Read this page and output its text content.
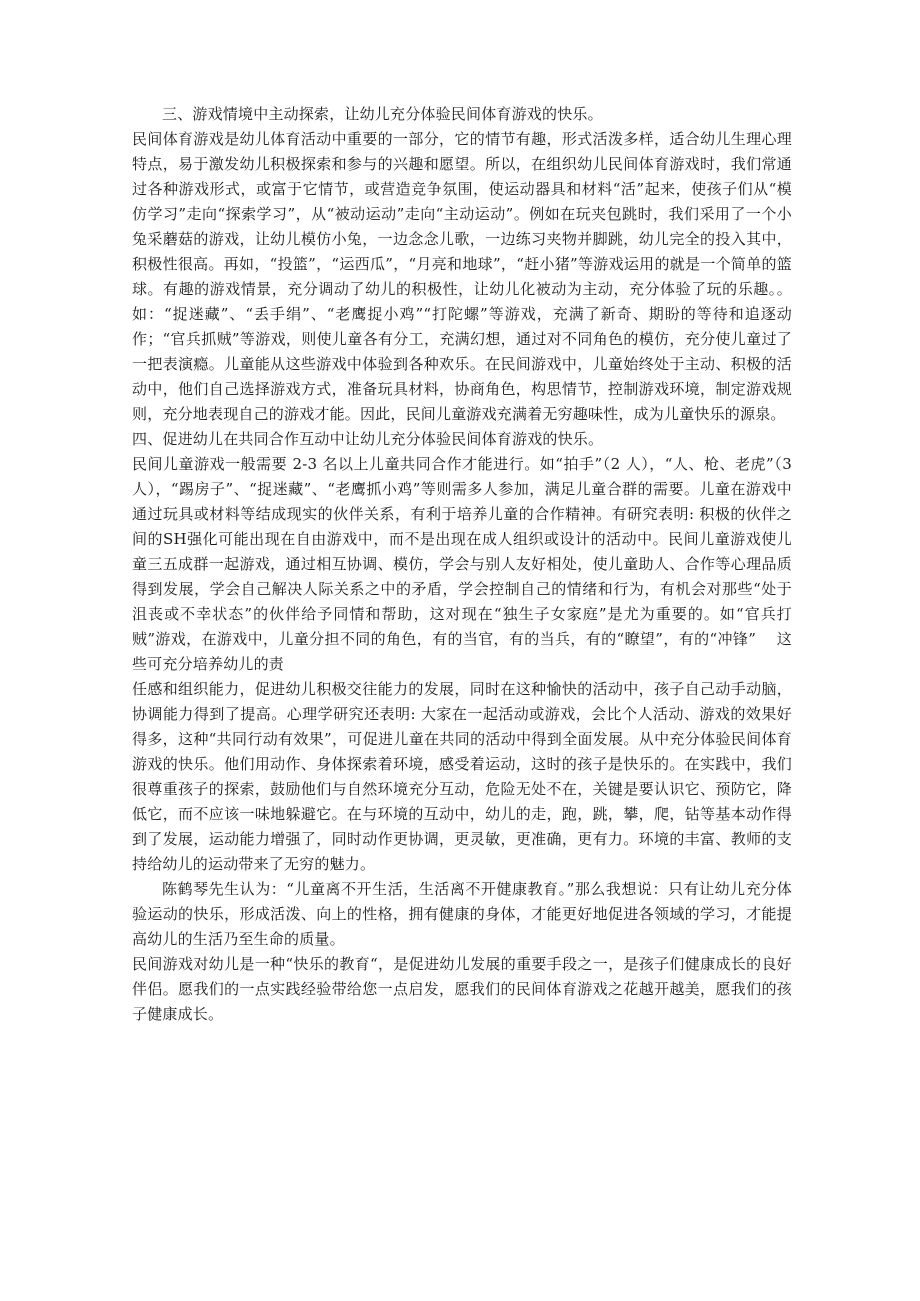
三、游戏情境中主动探索，让幼儿充分体验民间体育游戏的快乐。

民间体育游戏是幼儿体育活动中重要的一部分，它的情节有趣，形式活泼多样，适合幼儿生理心理特点，易于激发幼儿积极探索和参与的兴趣和愿望。所以，在组织幼儿民间体育游戏时，我们常通过各种游戏形式，或富于它情节，或营造竞争氛围，使运动器具和材料“活”起来，使孩子们从“模仿学习”走向“探索学习”，从“被动运动”走向“主动运动”。例如在玩夹包跳时，我们采用了一个小兔采蘑菇的游戏，让幼儿模仿小兔，一边念念儿歌，一边练习夹物并脚跳，幼儿完全的投入其中，积极性很高。再如，“投篮”，“运西瓜”，“月亮和地球”，“赶小猪”等游戏运用的就是一个简单的篮球。有趣的游戏情景，充分调动了幼儿的积极性，让幼儿化被动为主动，充分体验了玩的乐趣。。如：“捉迷藏”、“丢手绢”、“老鹰捉小鸡”“打陀螺”等游戏，充满了新奇、期盼的等待和追逐动作；“官兵抓贼”等游戏，则使儿童各有分工，充满幻想，通过对不同角色的模仿，充分使儿童过了一把表演瘾。儿童能从这些游戏中体验到各种欢乐。在民间游戏中，儿童始终处于主动、积极的活动中，他们自己选择游戏方式，准备玩具材料，协商角色，构思情节，控制游戏环境，制定游戏规则，充分地表现自己的游戏才能。因此，民间儿童游戏充满着无穷趣味性，成为儿童快乐的源泉。

四、促进幼儿在共同合作互动中让幼儿充分体验民间体育游戏的快乐。

民间儿童游戏一般需要 2-3 名以上儿童共同合作才能进行。如“拍手”（2 人），“人、枪、老虎”（3 人），“踢房子”、“捉迷藏”、“老鹰抓小鸡”等则需多人参加，满足儿童合群的需要。儿童在游戏中通过玩具或材料等结成现实的伙伴关系，有利于培养儿童的合作精神。有研究表明: 积极的伙伴之间的SH强化可能出现在自由游戏中，而不是出现在成人组织或设计的活动中。民间儿童游戏使儿童三五成群一起游戏，通过相互协调、模仿，学会与别人友好相处，使儿童助人、合作等心理品质得到发展，学会自己解决人际关系之中的矛盾，学会控制自己的情绪和行为，有机会对那些“处于沮丧或不幸状态”的伙伴给予同情和帮助，这对现在“独生子女家庭”是尤为重要的。如“官兵打贼”游戏，在游戏中，儿童分担不同的角色，有的当官，有的当兵，有的“瞭望”，有的“冲锋”　 这些可充分培养幼儿的责

任感和组织能力，促进幼儿积极交往能力的发展，同时在这种愉快的活动中，孩子自己动手动脑，协调能力得到了提高。心理学研究还表明: 大家在一起活动或游戏，会比个人活动、游戏的效果好得多，这种“共同行动有效果”，可促进儿童在共同的活动中得到全面发展。从中充分体验民间体育游戏的快乐。他们用动作、身体探索着环境，感受着运动，这时的孩子是快乐的。在实践中，我们很尊重孩子的探索，鼓励他们与自然环境充分互动，危险无处不在，关键是要认识它、预防它，降低它，而不应该一味地躲避它。在与环境的互动中，幼儿的走，跑，跳，攀，爬，钻等基本动作得到了发展，运动能力增强了，同时动作更协调，更灵敏，更准确，更有力。环境的丰富、教师的支持给幼儿的运动带来了无穷的魅力。

陈鹤琴先生认为：“儿童离不开生活，生活离不开健康教育。”那么我想说：只有让幼儿充分体验运动的快乐，形成活泼、向上的性格，拥有健康的身体，才能更好地促进各领域的学习，才能提高幼儿的生活乃至生命的质量。

民间游戏对幼儿是一种“快乐的教育“，是促进幼儿发展的重要手段之一，是孩子们健康成长的良好伴侣。愿我们的一点实践经验带给您一点启发，愿我们的民间体育游戏之花越开越美，愿我们的孩子健康成长。
